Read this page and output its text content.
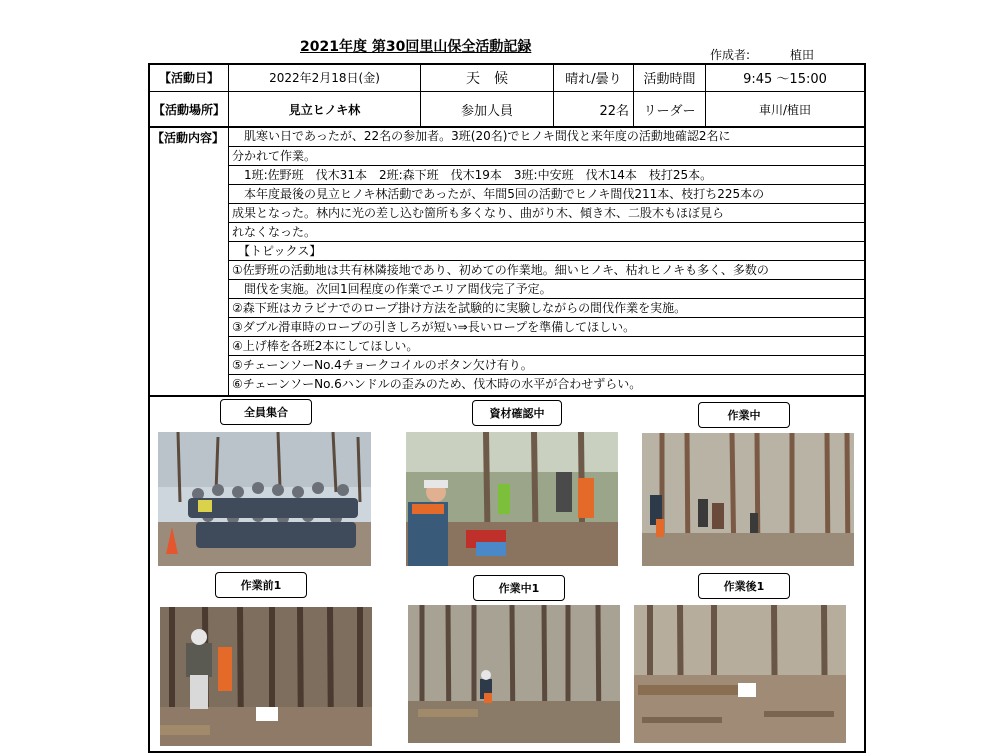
2021年度 第30回里山保全活動記録	作成者:	植田
【活動日】	2022年2月18日(金)	天　候	晴れ/曇り	活動時間	9:45 ～15:00
【活動場所】	見立ヒノキ林	参加人員	22名	リーダー	車川/植田
【活動内容】 　肌寒い日であったが、22名の参加者。3班(20名)でヒノキ間伐と来年度の活動地確認2名に
分かれて作業。
　1班:佐野班　伐木31本　2班:森下班　伐木19本　3班:中安班　伐木14本　枝打25本。
　本年度最後の見立ヒノキ林活動であったが、年間5回の活動でヒノキ間伐211本、枝打ち225本の
成果となった。林内に光の差し込む箇所も多くなり、曲がり木、傾き木、二股木もほぼ見ら
れなくなった。
　【トピックス】
①佐野班の活動地は共有林隣接地であり、初めての作業地。細いヒノキ、枯れヒノキも多く、多数の
　間伐を実施。次回1回程度の作業でエリア間伐完了予定。
②森下班はカラビナでのロープ掛け方法を試験的に実験しながらの間伐作業を実施。
③ダブル滑車時のロープの引きしろが短い⇒長いロープを準備してほしい。
④上げ棒を各班2本にしてほしい。
⑤チェーンソーNo.4チョークコイルのボタン欠け有り。
⑥チェーンソーNo.6ハンドルの歪みのため、伐木時の水平が合わせずらい。
全員集合	資材確認中	作業中
作業前1	作業中1	作業後1
